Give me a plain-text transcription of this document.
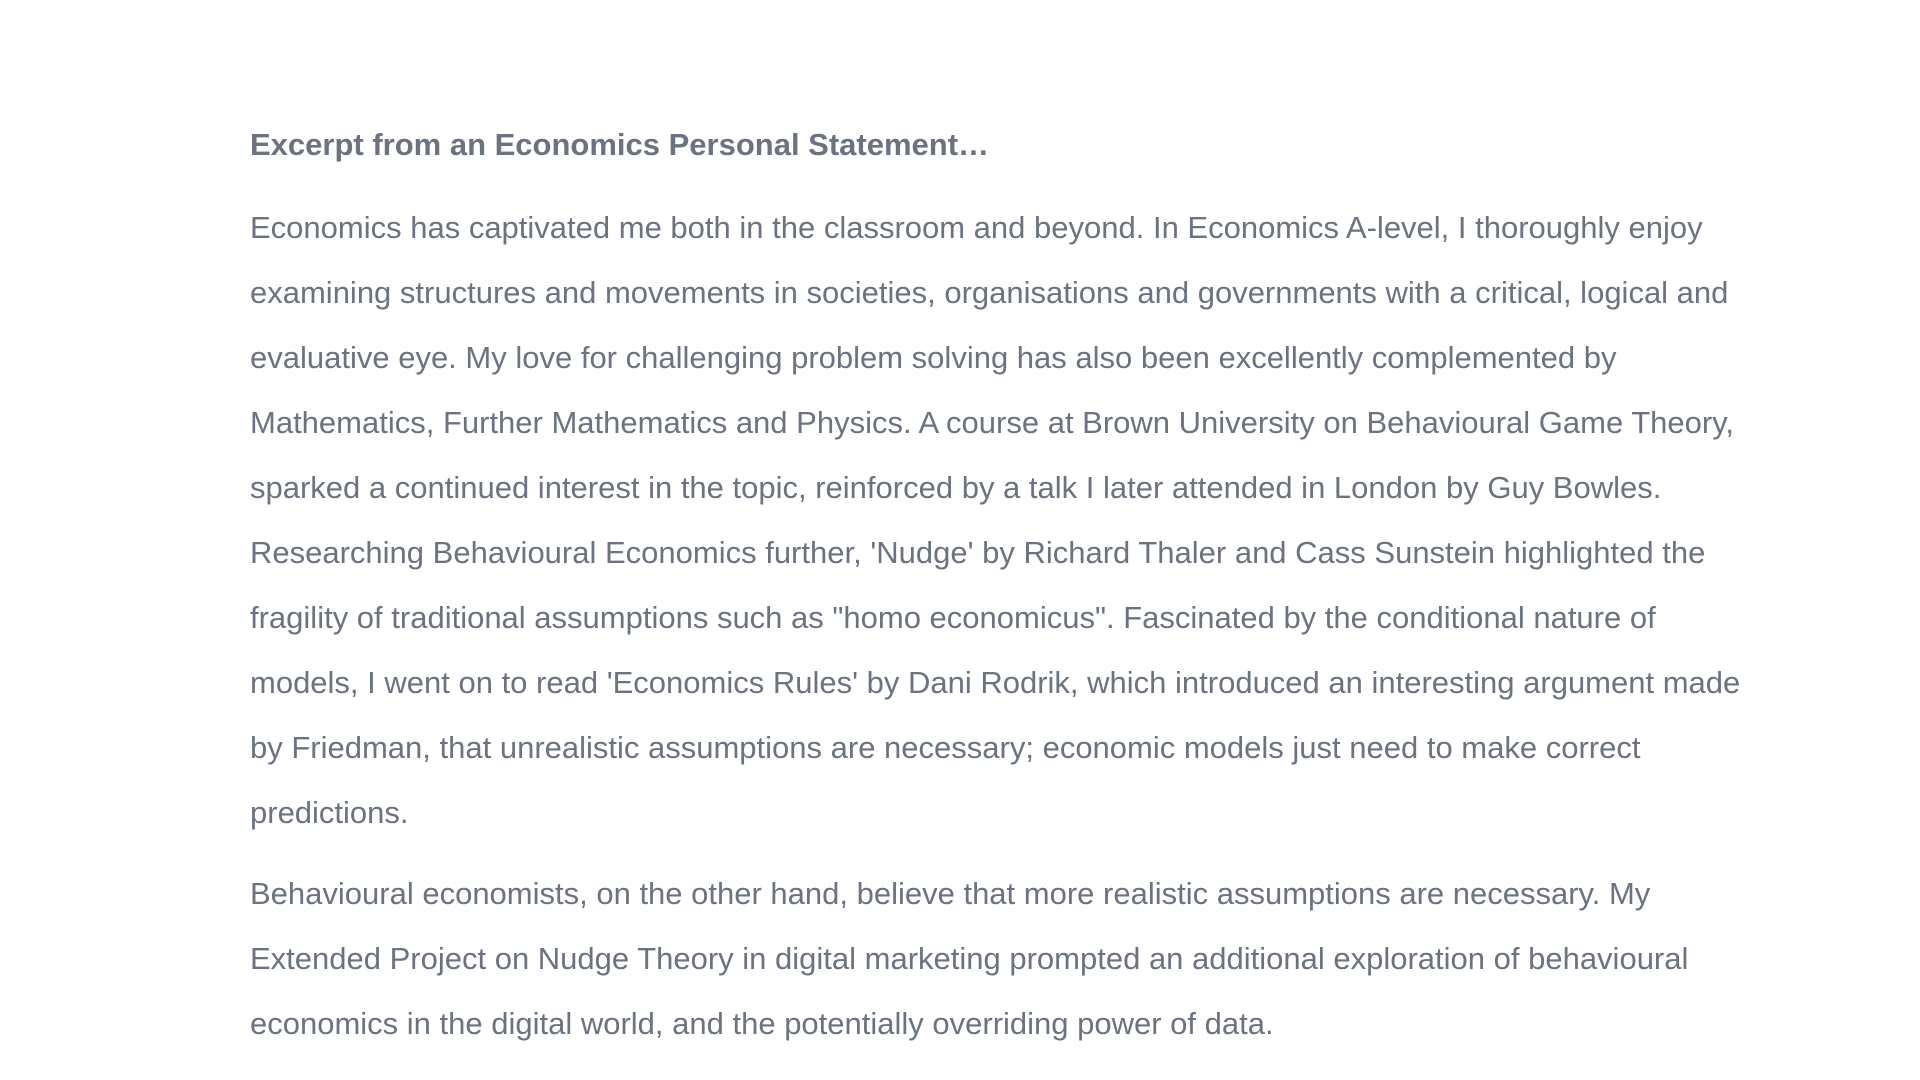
Excerpt from an Economics Personal Statement…

Economics has captivated me both in the classroom and beyond. In Economics A-level, I thoroughly enjoy examining structures and movements in societies, organisations and governments with a critical, logical and evaluative eye. My love for challenging problem solving has also been excellently complemented by Mathematics, Further Mathematics and Physics. A course at Brown University on Behavioural Game Theory, sparked a continued interest in the topic, reinforced by a talk I later attended in London by Guy Bowles. Researching Behavioural Economics further, 'Nudge' by Richard Thaler and Cass Sunstein highlighted the fragility of traditional assumptions such as "homo economicus". Fascinated by the conditional nature of models, I went on to read 'Economics Rules' by Dani Rodrik, which introduced an interesting argument made by Friedman, that unrealistic assumptions are necessary; economic models just need to make correct predictions.

Behavioural economists, on the other hand, believe that more realistic assumptions are necessary. My Extended Project on Nudge Theory in digital marketing prompted an additional exploration of behavioural economics in the digital world, and the potentially overriding power of data.
